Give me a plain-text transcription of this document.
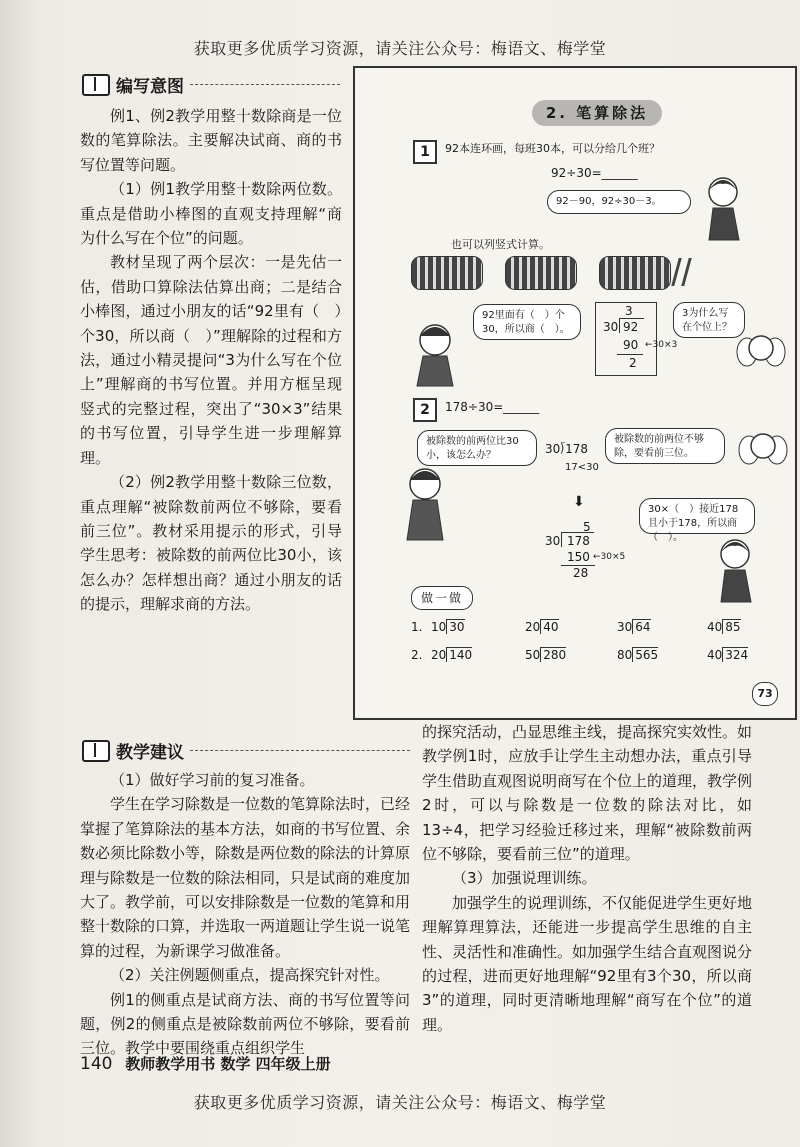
获取更多优质学习资源，请关注公众号：梅语文、梅学堂
编写意图

例1、例2教学用整十数除商是一位数的笔算除法。主要解决试商、商的书写位置等问题。

（1）例1教学用整十数除两位数。重点是借助小棒图的直观支持理解“商为什么写在个位”的问题。

教材呈现了两个层次：一是先估一估，借助口算除法估算出商；二是结合小棒图，通过小朋友的话“92里有（　）个30，所以商（　）”理解除的过程和方法，通过小精灵提问“3为什么写在个位上”理解商的书写位置。并用方框呈现竖式的完整过程，突出了“30×3”结果的书写位置，引导学生进一步理解算理。

（2）例2教学用整十数除三位数，重点理解“被除数前两位不够除，要看前三位”。教材采用提示的形式，引导学生思考：被除数的前两位比30小，该怎么办？怎样想出商？通过小朋友的话的提示，理解求商的方法。

2. 笔算除法
1	92本连环画，每班30本，可以分给几个班？
92÷30=______
92－90，92÷30－3。
也可以列竖式计算。
92里面有（　）个30，所以商（　）。
3
30 92
90
2
←30×3
3为什么写在个位上？
2	178÷30=______
被除数的前两位比30小，该怎么办？	30⟌178
17<30
被除数的前两位不够除，要看前三位。
⬇
5
30 178
150 ←30×5
28
30×（　）接近178且小于178，所以商（　）。
做一做
1. 10 30	20 40	30 64	40 85
2. 20 140	50 280	80 565	40 324
73
教学建议

（1）做好学习前的复习准备。

学生在学习除数是一位数的笔算除法时，已经掌握了笔算除法的基本方法，如商的书写位置、余数必须比除数小等，除数是两位数的除法的计算原理与除数是一位数的除法相同，只是试商的难度加大了。教学前，可以安排除数是一位数的笔算和用整十数除的口算，并选取一两道题让学生说一说笔算的过程，为新课学习做准备。

（2）关注例题侧重点，提高探究针对性。

例1的侧重点是试商方法、商的书写位置等问题，例2的侧重点是被除数前两位不够除，要看前三位。教学中要围绕重点组织学生

的探究活动，凸显思维主线，提高探究实效性。如教学例1时，应放手让学生主动想办法，重点引导学生借助直观图说明商写在个位上的道理，教学例2时，可以与除数是一位数的除法对比，如13÷4，把学习经验迁移过来，理解“被除数前两位不够除，要看前三位”的道理。

（3）加强说理训练。

加强学生的说理训练，不仅能促进学生更好地理解算理算法，还能进一步提高学生思维的自主性、灵活性和准确性。如加强学生结合直观图说分的过程，进而更好地理解“92里有3个30，所以商3”的道理，同时更清晰地理解“商写在个位”的道理。

140 教师教学用书 数学 四年级上册
获取更多优质学习资源，请关注公众号：梅语文、梅学堂
